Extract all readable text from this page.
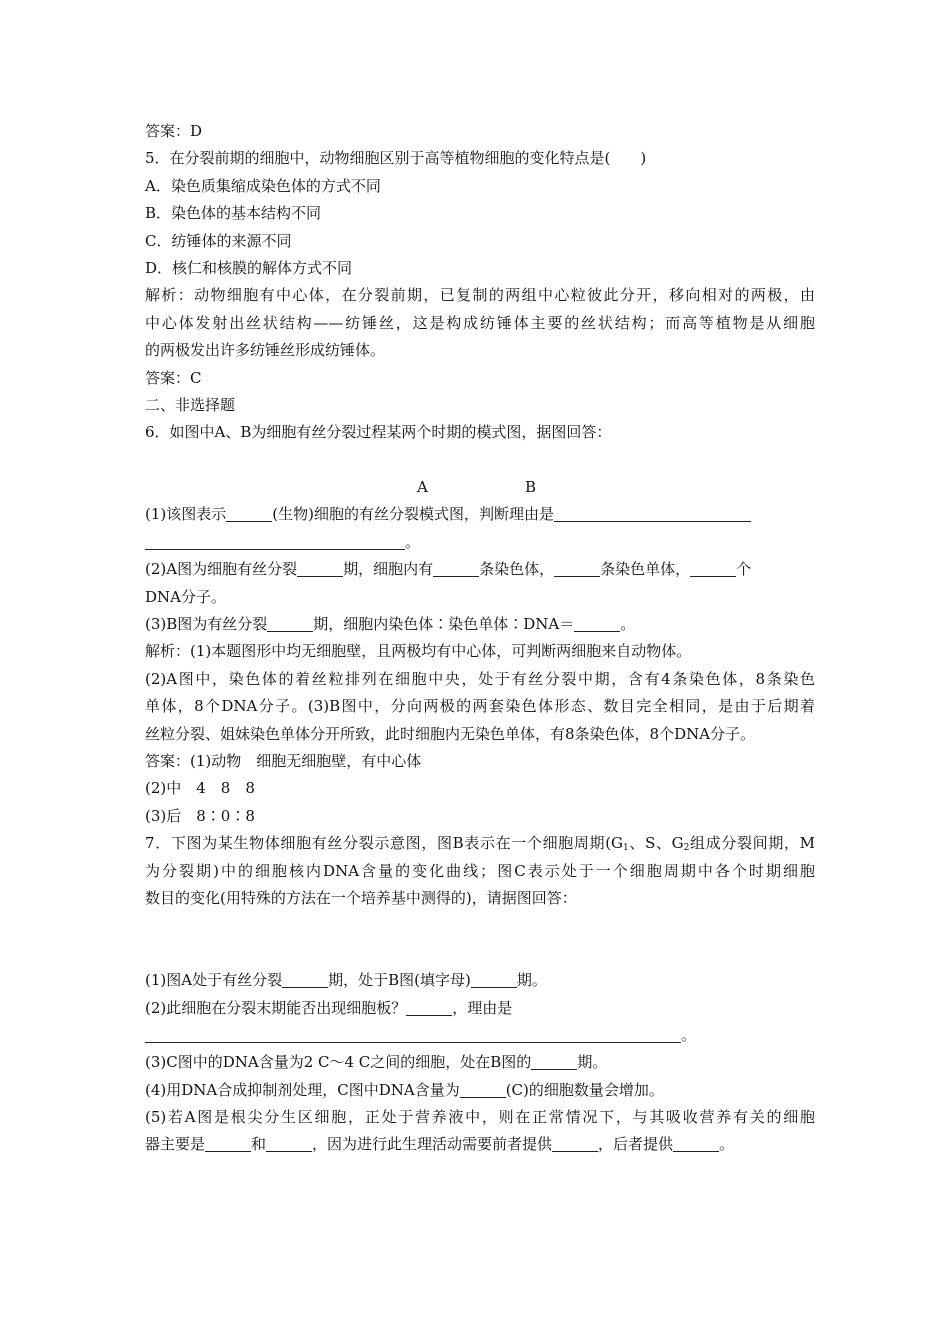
答案：D
5．在分裂前期的细胞中，动物细胞区别于高等植物细胞的变化特点是(　　)
A．染色质集缩成染色体的方式不同
B．染色体的基本结构不同
C．纺锤体的来源不同
D．核仁和核膜的解体方式不同
解析：动物细胞有中心体，在分裂前期，已复制的两组中心粒彼此分开，移向相对的两极，由
中心体发射出丝状结构——纺锤丝，这是构成纺锤体主要的丝状结构；而高等植物是从细胞
的两极发出许多纺锤丝形成纺锤体。
答案：C
二、非选择题
6．如图中A、B为细胞有丝分裂过程某两个时期的模式图，据图回答：
A	B
(1)该图表示	(生物)细胞的有丝分裂模式图，判断理由是
。
(2)A图为细胞有丝分裂	期，细胞内有	条染色体，	条染色单体，	个
DNA分子。
(3)B图为有丝分裂	期，细胞内染色体∶染色单体∶DNA＝	。
解析：(1)本题图形中均无细胞壁，且两极均有中心体，可判断两细胞来自动物体。
(2)A图中，染色体的着丝粒排列在细胞中央，处于有丝分裂中期，含有4条染色体，8条染色
单体，8个DNA分子。(3)B图中，分向两极的两套染色体形态、数目完全相同，是由于后期着
丝粒分裂、姐妹染色单体分开所致，此时细胞内无染色单体，有8条染色体，8个DNA分子。
答案：(1)动物　细胞无细胞壁，有中心体
(2)中　4　8　8
(3)后　8∶0∶8
7．下图为某生物体细胞有丝分裂示意图，图B表示在一个细胞周期($G_1$、S、$G_2$组成分裂间期，M
为分裂期)中的细胞核内DNA含量的变化曲线；图C表示处于一个细胞周期中各个时期细胞
数目的变化(用特殊的方法在一个培养基中测得的)，请据图回答：
(1)图A处于有丝分裂	期，处于B图(填字母)	期。
(2)此细胞在分裂末期能否出现细胞板？	，理由是
。
(3)C图中的DNA含量为2 C～4 C之间的细胞，处在B图的	期。
(4)用DNA合成抑制剂处理，C图中DNA含量为	(C)的细胞数量会增加。
(5)若A图是根尖分生区细胞，正处于营养液中，则在正常情况下，与其吸收营养有关的细胞
器主要是	和	，因为进行此生理活动需要前者提供	，后者提供	。
